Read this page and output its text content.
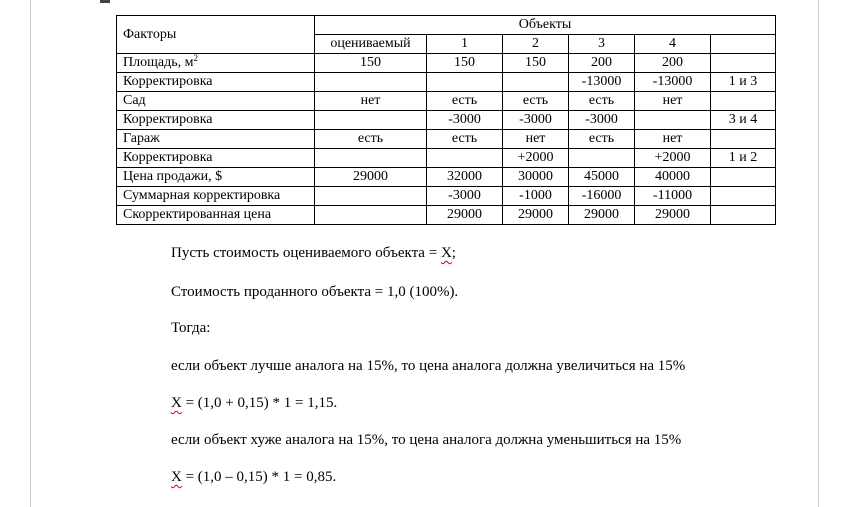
Факторы	Объекты					
	оцениваемый	1	2	3	4	
Площадь, $м^2$	150	150	150	200	200	
Корректировка				-13000	-13000	1 и 3
Сад	нет	есть	есть	есть	нет	
Корректировка		-3000	-3000	-3000		3 и 4
Гараж	есть	есть	нет	есть	нет	
Корректировка			+2000		+2000	1 и 2
Цена продажи, $	29000	32000	30000	45000	40000	
Суммарная корректировка		-3000	-1000	-16000	-11000	
Скорректированная цена		29000	29000	29000	29000	
Пусть стоимость оцениваемого объекта = Х;
Стоимость проданного объекта = 1,0 (100%).
Тогда:
если объект лучше аналога на 15%, то цена аналога должна увеличиться на 15%
Х = (1,0 + 0,15) * 1 = 1,15.
если объект хуже аналога на 15%, то цена аналога должна уменьшиться на 15%
Х = (1,0 – 0,15) * 1 = 0,85.
